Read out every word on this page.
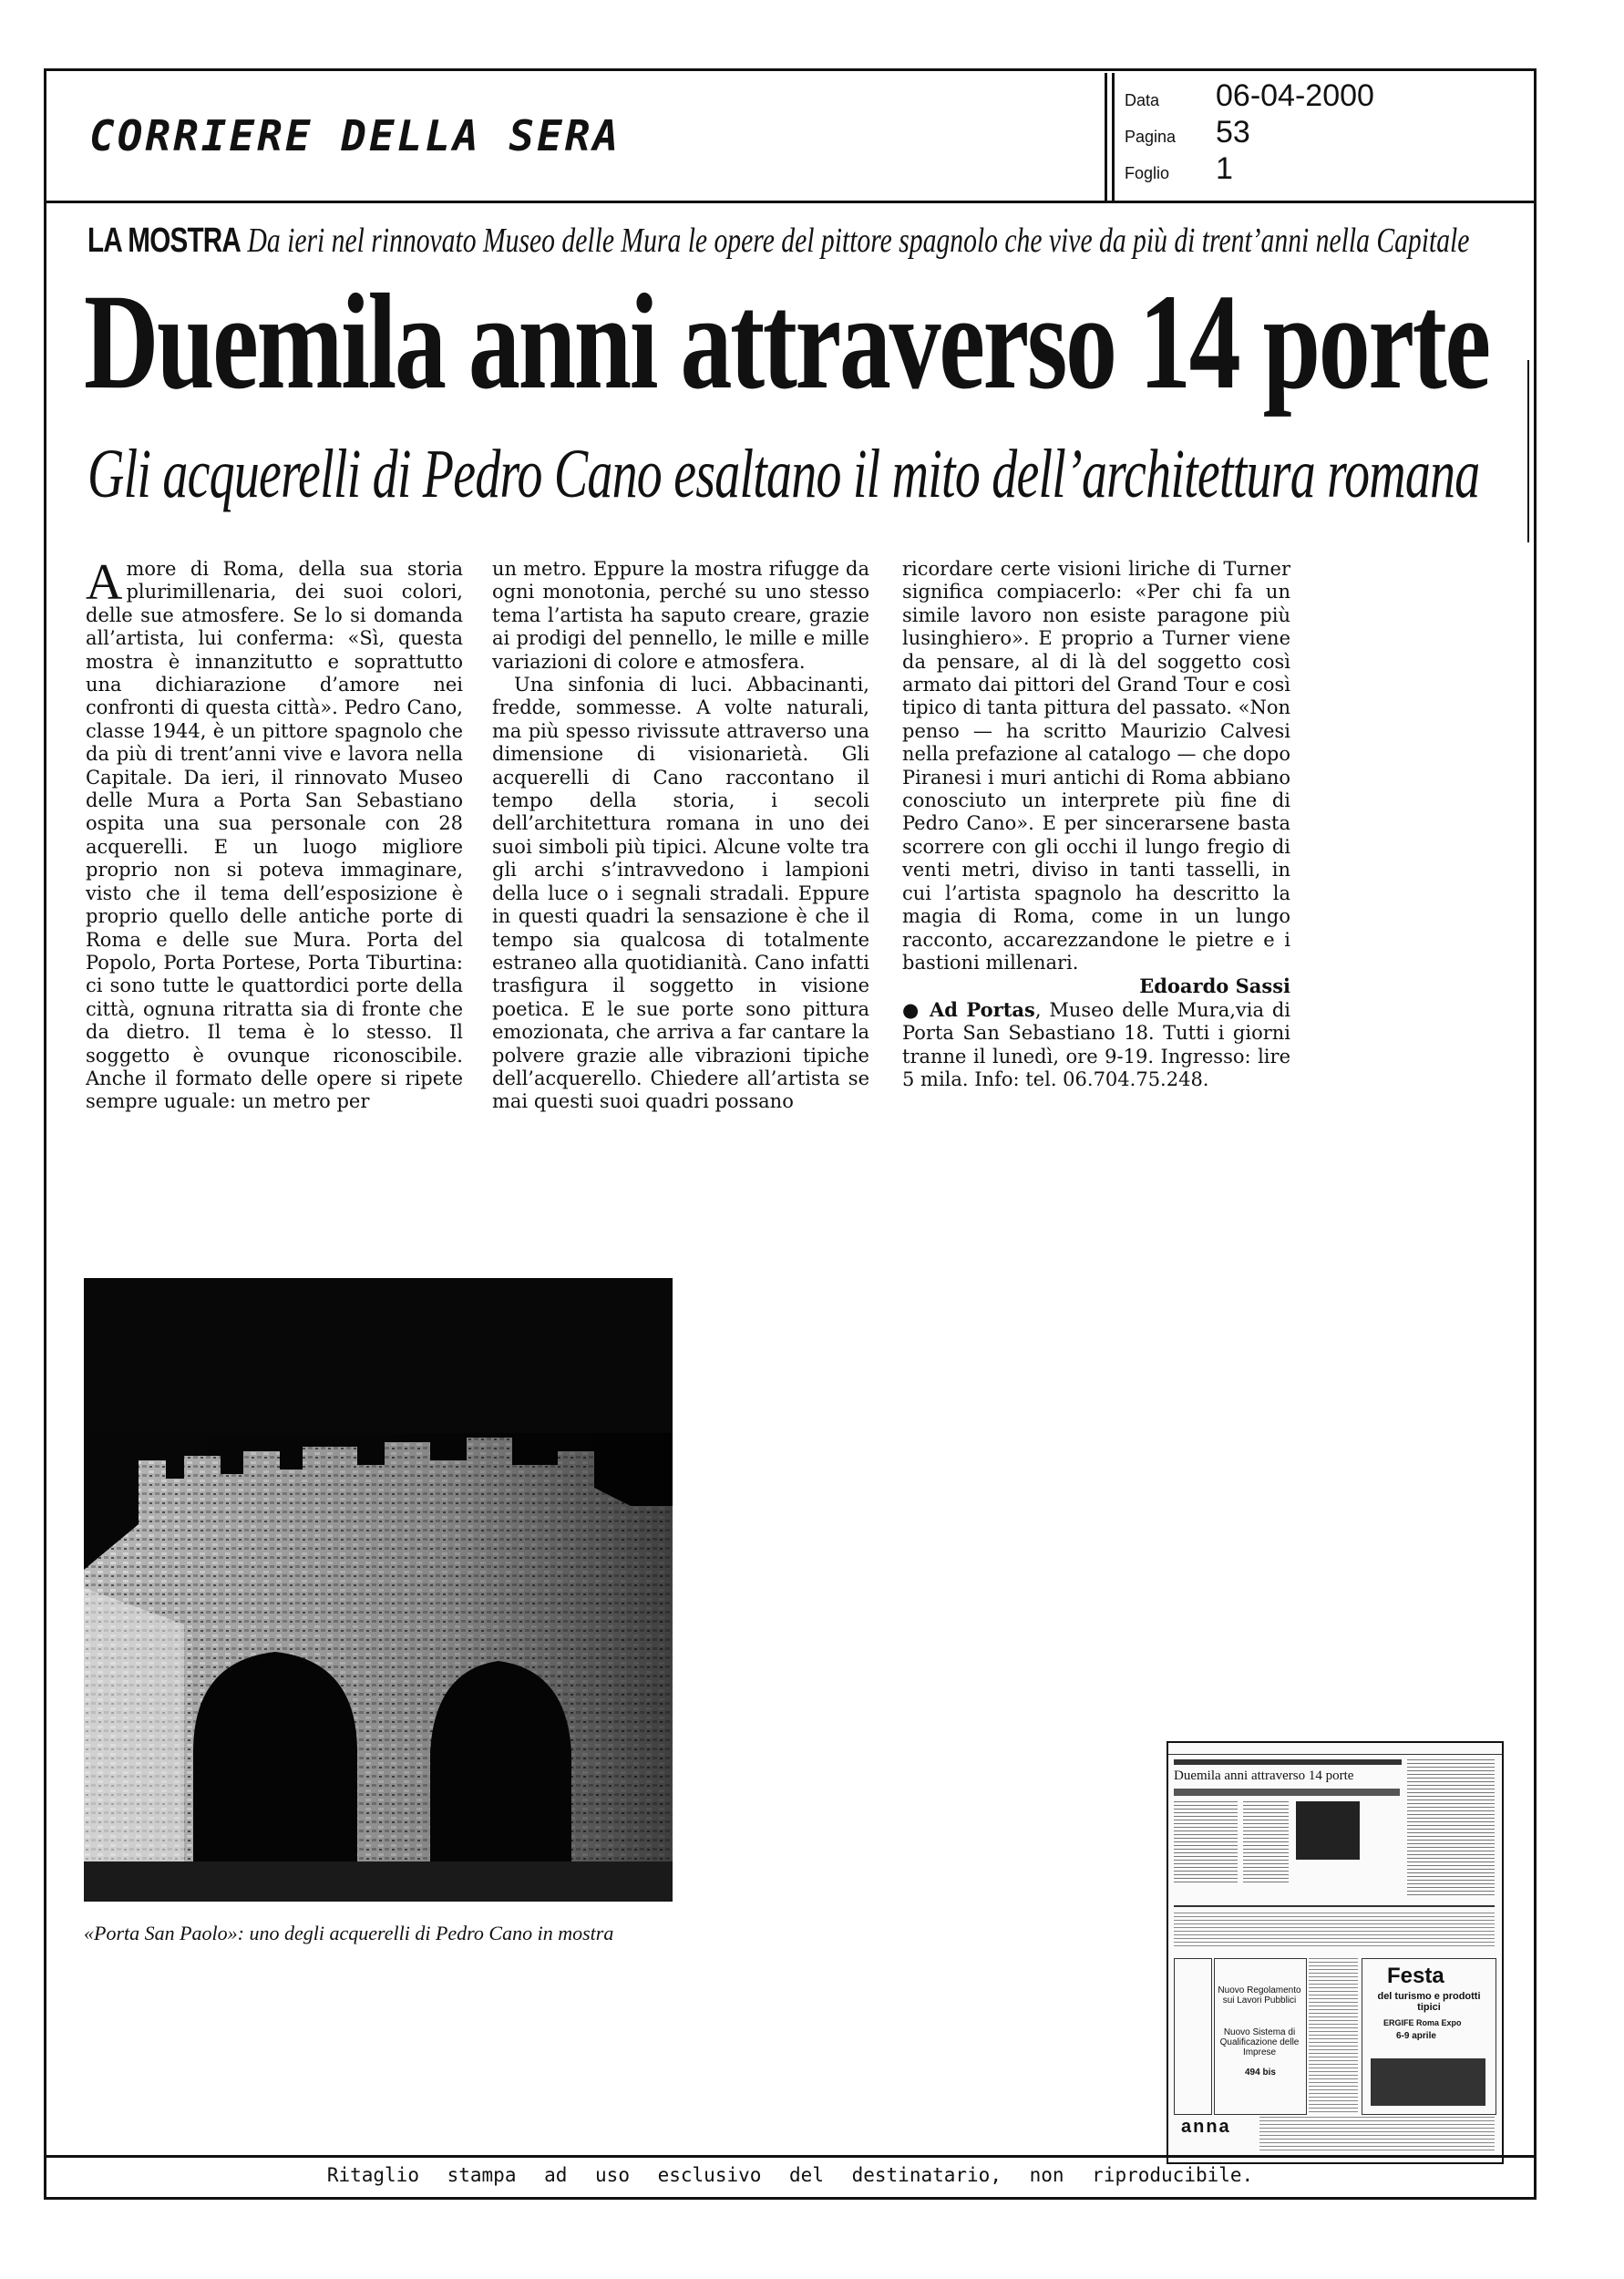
CORRIERE DELLA SERA
Data 06-04-2000
Pagina 53
Foglio 1
LA MOSTRA Da ieri nel rinnovato Museo delle Mura le opere del pittore spagnolo che vive da più di trent’anni nella Capitale
Duemila anni attraverso 14 porte
Gli acquerelli di Pedro Cano esaltano il mito dell’architettura romana

Amore di Roma, della sua storia plurimillenaria, dei suoi colori, delle sue atmosfere. Se lo si domanda all’artista, lui conferma: «Sì, questa mostra è innanzitutto e soprattutto una dichiarazione d’amore nei confronti di questa città». Pedro Cano, classe 1944, è un pittore spagnolo che da più di trent’anni vive e lavora nella Capitale. Da ieri, il rinnovato Museo delle Mura a Porta San Sebastiano ospita una sua personale con 28 acquerelli. E un luogo migliore proprio non si poteva immaginare, visto che il tema dell’esposizione è proprio quello delle antiche porte di Roma e delle sue Mura. Porta del Popolo, Porta Portese, Porta Tiburtina: ci sono tutte le quattordici porte della città, ognuna ritratta sia di fronte che da dietro. Il tema è lo stesso. Il soggetto è ovunque riconoscibile. Anche il formato delle opere si ripete sempre uguale: un metro per

un metro. Eppure la mostra rifugge da ogni monotonia, perché su uno stesso tema l’artista ha saputo creare, grazie ai prodigi del pennello, le mille e mille variazioni di colore e atmosfera.

Una sinfonia di luci. Abbacinanti, fredde, sommesse. A volte naturali, ma più spesso rivissute attraverso una dimensione di visionarietà. Gli acquerelli di Cano raccontano il tempo della storia, i secoli dell’architettura romana in uno dei suoi simboli più tipici. Alcune volte tra gli archi s’intravvedono i lampioni della luce o i segnali stradali. Eppure in questi quadri la sensazione è che il tempo sia qualcosa di totalmente estraneo alla quotidianità. Cano infatti trasfigura il soggetto in visione poetica. E le sue porte sono pittura emozionata, che arriva a far cantare la polvere grazie alle vibrazioni tipiche dell’acquerello. Chiedere all’artista se mai questi suoi quadri possano

ricordare certe visioni liriche di Turner significa compiacerlo: «Per chi fa un simile lavoro non esiste paragone più lusinghiero». E proprio a Turner viene da pensare, al di là del soggetto così armato dai pittori del Grand Tour e così tipico di tanta pittura del passato. «Non penso — ha scritto Maurizio Calvesi nella prefazione al catalogo — che dopo Piranesi i muri antichi di Roma abbiano conosciuto un interprete più fine di Pedro Cano». E per sincerarsene basta scorrere con gli occhi il lungo fregio di venti metri, diviso in tanti tasselli, in cui l’artista spagnolo ha descritto la magia di Roma, come in un lungo racconto, accarezzandone le pietre e i bastioni millenari.

Edoardo Sassi

● Ad Portas, Museo delle Mura,via di Porta San Sebastiano 18. Tutti i giorni tranne il lunedì, ore 9-19. Ingresso: lire 5 mila. Info: tel. 06.704.75.248.

«Porta San Paolo»: uno degli acquerelli di Pedro Cano in mostra
Duemila anni attraverso 14 porte
Nuovo Regolamento sui Lavori Pubblici
Nuovo Sistema di Qualificazione delle Imprese
494 bis
Festa
del turismo e prodotti tipici
ERGIFE Roma Expo
6-9 aprile
anna
Ritaglio stampa ad uso esclusivo del destinatario, non riproducibile.
